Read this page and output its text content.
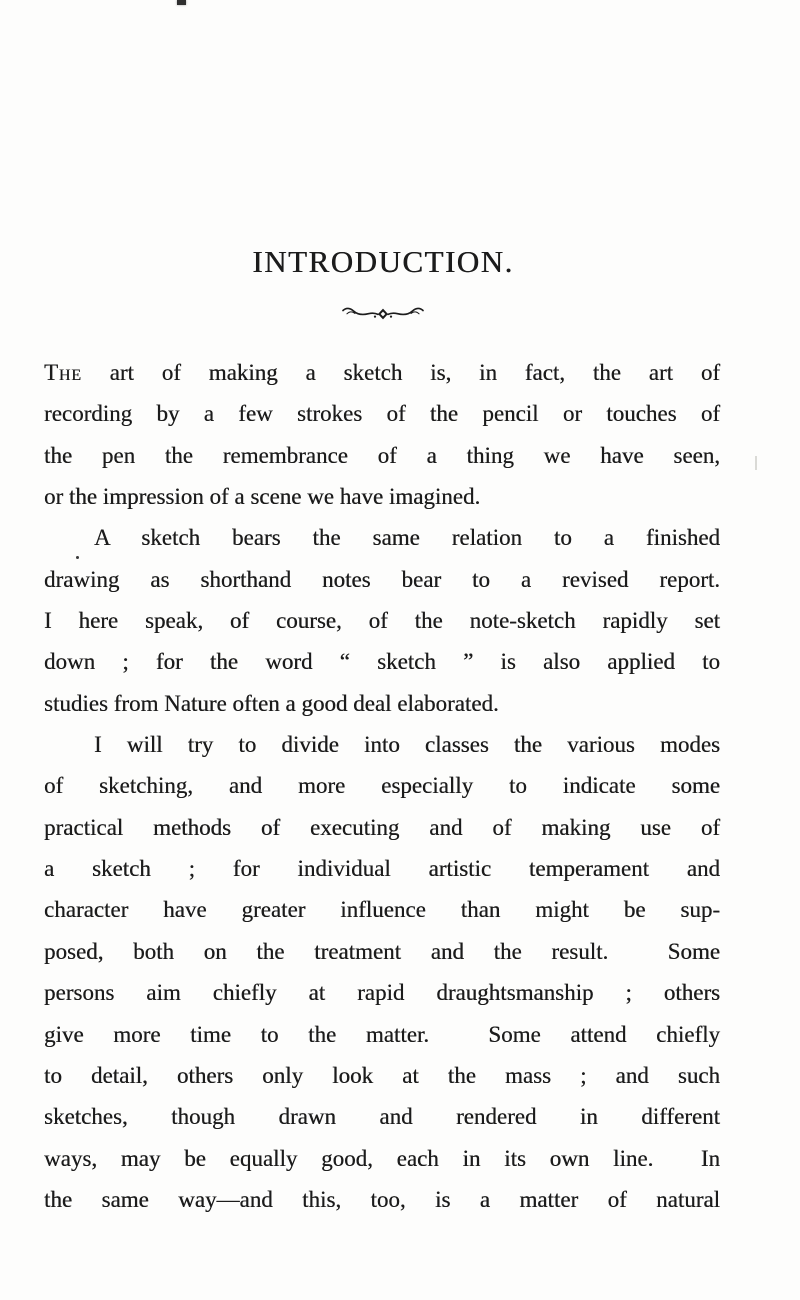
INTRODUCTION.
The art of making a sketch is, in fact, the art of
recording by a few strokes of the pencil or touches of
the pen the remembrance of a thing we have seen,
or the impression of a scene we have imagined.
A sketch bears the same relation to a finished
drawing as shorthand notes bear to a revised report.
I here speak, of course, of the note-sketch rapidly set
down ; for the word “ sketch ” is also applied to
studies from Nature often a good deal elaborated.
I will try to divide into classes the various modes
of sketching, and more especially to indicate some
practical methods of executing and of making use of
a sketch ; for individual artistic temperament and
character have greater influence than might be sup-
posed, both on the treatment and the result.  Some
persons aim chiefly at rapid draughtsmanship ; others
give more time to the matter.  Some attend chiefly
to detail, others only look at the mass ; and such
sketches, though drawn and rendered in different
ways, may be equally good, each in its own line.  In
the same way—and this, too, is a matter of natural
